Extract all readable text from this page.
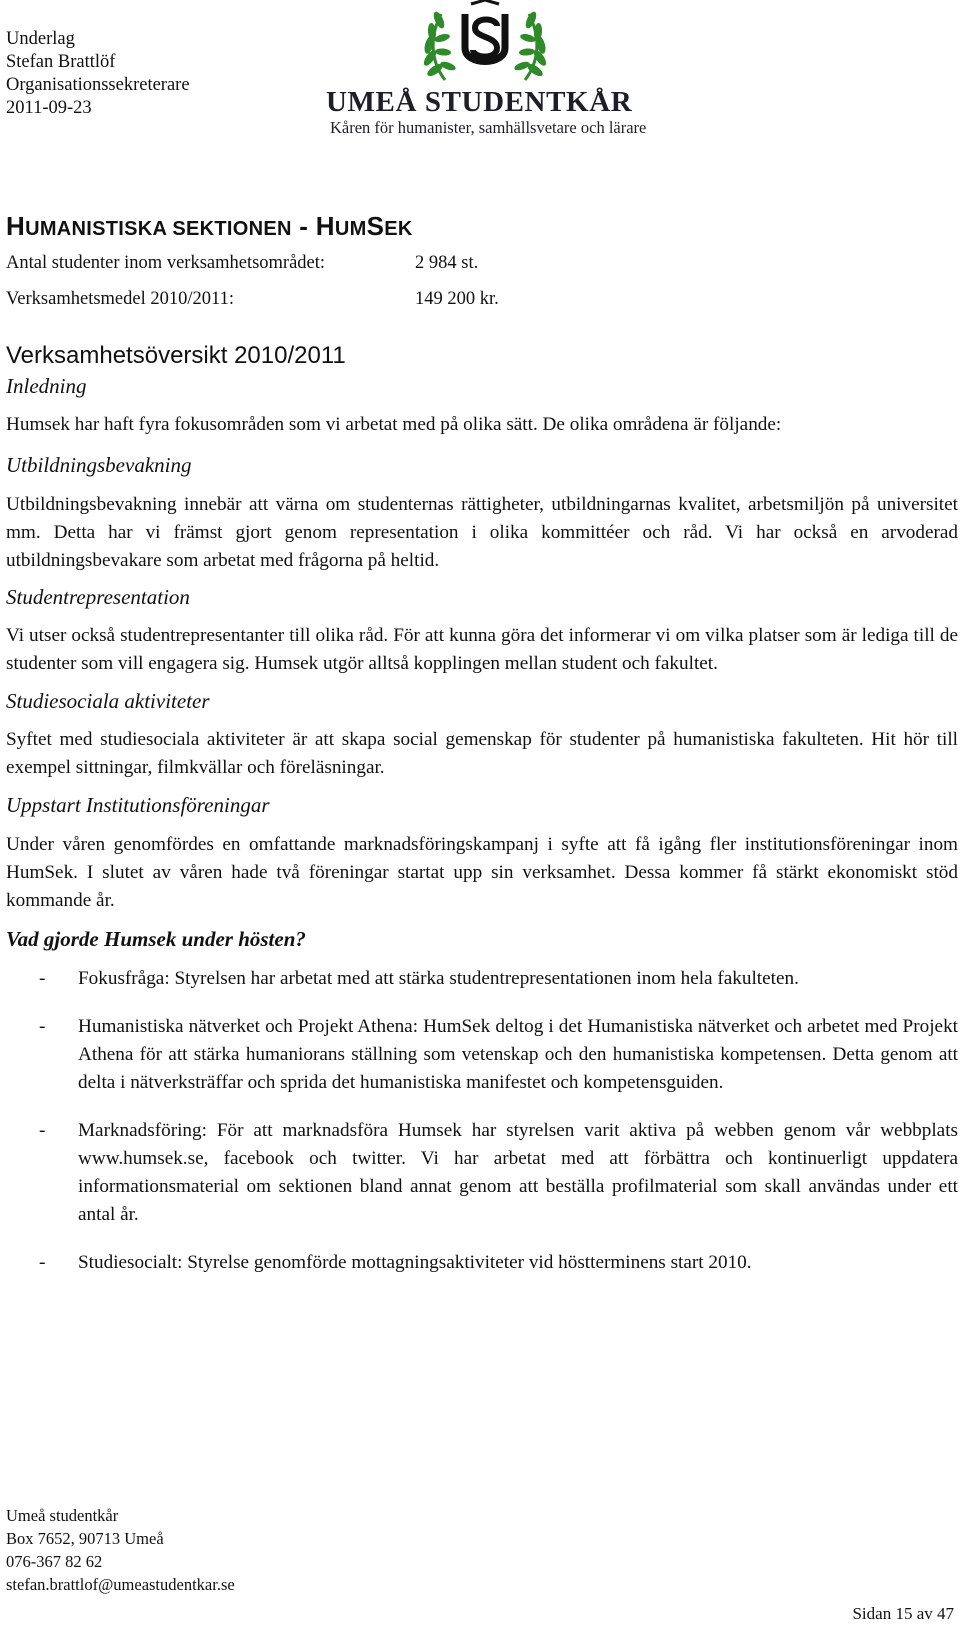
Underlag
Stefan Brattlöf
Organisationssekreterare
2011-09-23	UMEÅ STUDENTKÅR
Kåren för humanister, samhällsvetare och lärare
HUMANISTISKA SEKTIONEN - HUMSEK
Antal studenter inom verksamhetsområdet:	2 984 st.
Verksamhetsmedel 2010/2011:	149 200 kr.
Verksamhetsöversikt 2010/2011
Inledning

Humsek har haft fyra fokusområden som vi arbetat med på olika sätt. De olika områdena är följande:

Utbildningsbevakning

Utbildningsbevakning innebär att värna om studenternas rättigheter, utbildningarnas kvalitet, arbetsmiljön på universitet mm. Detta har vi främst gjort genom representation i olika kommittéer och råd. Vi har också en arvoderad utbildningsbevakare som arbetat med frågorna på heltid.

Studentrepresentation

Vi utser också studentrepresentanter till olika råd. För att kunna göra det informerar vi om vilka platser som är lediga till de studenter som vill engagera sig. Humsek utgör alltså kopplingen mellan student och fakultet.

Studiesociala aktiviteter

Syftet med studiesociala aktiviteter är att skapa social gemenskap för studenter på humanistiska fakulteten. Hit hör till exempel sittningar, filmkvällar och föreläsningar.

Uppstart Institutionsföreningar

Under våren genomfördes en omfattande marknadsföringskampanj i syfte att få igång fler institutionsföreningar inom HumSek. I slutet av våren hade två föreningar startat upp sin verksamhet. Dessa kommer få stärkt ekonomiskt stöd kommande år.

Vad gjorde Humsek under hösten?
- Fokusfråga: Styrelsen har arbetat med att stärka studentrepresentationen inom hela fakulteten.
- Humanistiska nätverket och Projekt Athena: HumSek deltog i det Humanistiska nätverket och arbetet med Projekt Athena för att stärka humaniorans ställning som vetenskap och den humanistiska kompetensen. Detta genom att delta i nätverksträffar och sprida det humanistiska manifestet och kompetensguiden.
- Marknadsföring: För att marknadsföra Humsek har styrelsen varit aktiva på webben genom vår webbplats www.humsek.se, facebook och twitter. Vi har arbetat med att förbättra och kontinuerligt uppdatera informationsmaterial om sektionen bland annat genom att beställa profilmaterial som skall användas under ett antal år.
- Studiesocialt: Styrelse genomförde mottagningsaktiviteter vid höstterminens start 2010.
Umeå studentkår
Box 7652, 90713 Umeå
076-367 82 62
stefan.brattlof@umeastudentkar.se
Sidan 15 av 47
